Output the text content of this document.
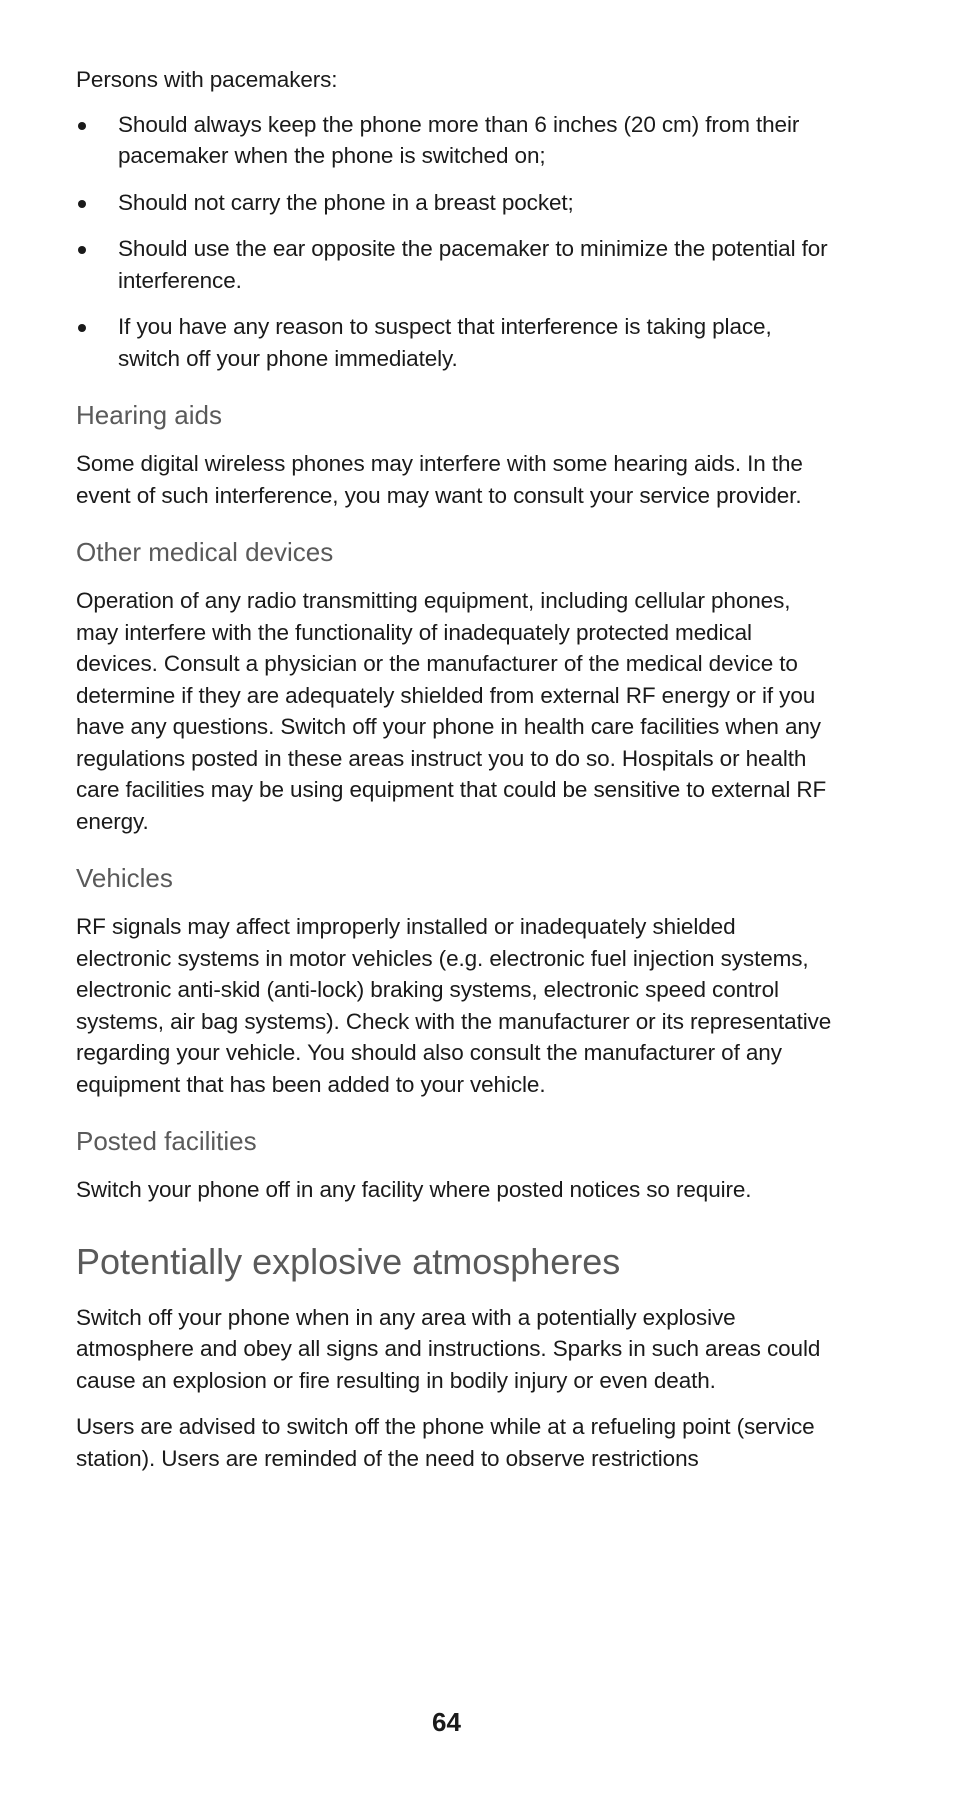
Persons with pacemakers:

Should always keep the phone more than 6 inches (20 cm) from their pacemaker when the phone is switched on;
Should not carry the phone in a breast pocket;
Should use the ear opposite the pacemaker to minimize the potential for interference.
If you have any reason to suspect that interference is taking place, switch off your phone immediately.
Hearing aids

Some digital wireless phones may interfere with some hearing aids. In the event of such interference, you may want to consult your service provider.

Other medical devices

Operation of any radio transmitting equipment, including cellular phones, may interfere with the functionality of inadequately protected medical devices. Consult a physician or the manufacturer of the medical device to determine if they are adequately shielded from external RF energy or if you have any questions. Switch off your phone in health care facilities when any regulations posted in these areas instruct you to do so. Hospitals or health care facilities may be using equipment that could be sensitive to external RF energy.

Vehicles

RF signals may affect improperly installed or inadequately shielded electronic systems in motor vehicles (e.g. electronic fuel injection systems, electronic anti-skid (anti-lock) braking systems, electronic speed control systems, air bag systems). Check with the manufacturer or its representative regarding your vehicle. You should also consult the manufacturer of any equipment that has been added to your vehicle.

Posted facilities

Switch your phone off in any facility where posted notices so require.

Potentially explosive atmospheres

Switch off your phone when in any area with a potentially explosive atmosphere and obey all signs and instructions. Sparks in such areas could cause an explosion or fire resulting in bodily injury or even death.

Users are advised to switch off the phone while at a refueling point (service station). Users are reminded of the need to observe restrictions

64
